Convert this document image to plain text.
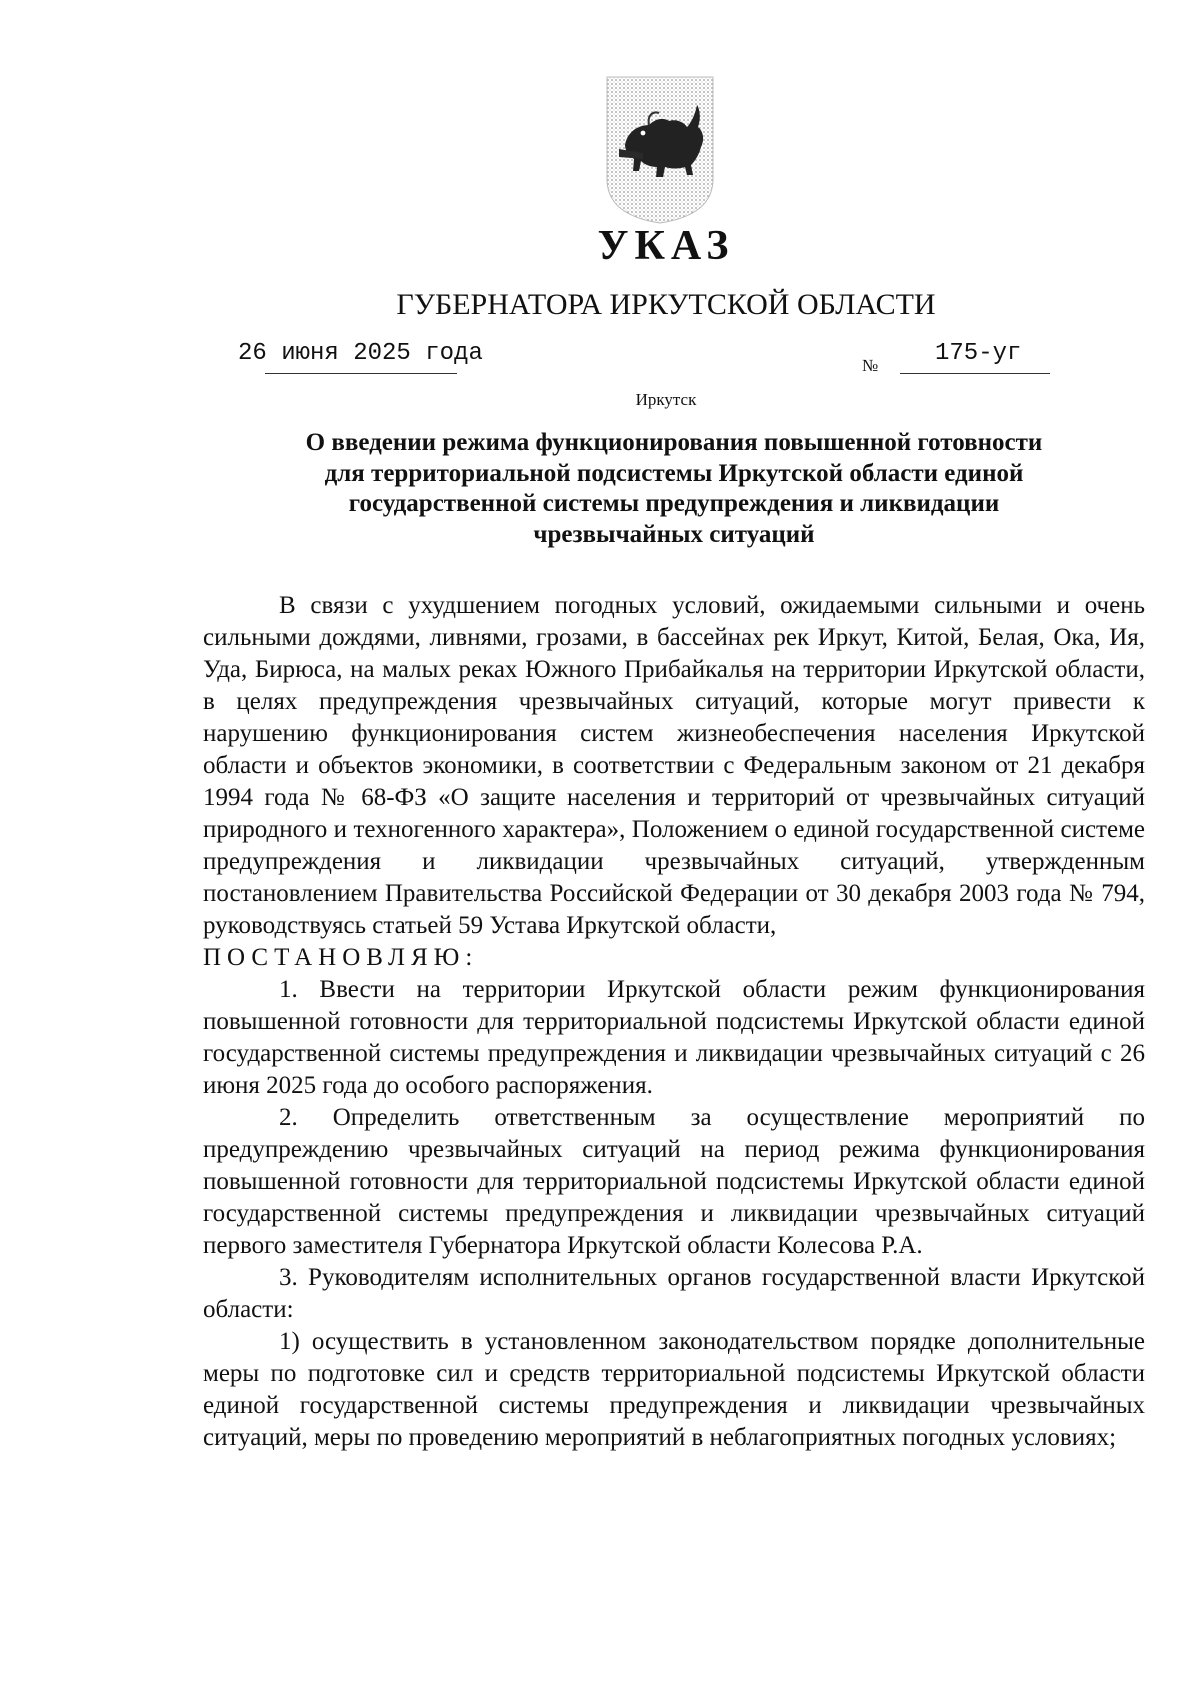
УКАЗ
ГУБЕРНАТОРА ИРКУТСКОЙ ОБЛАСТИ
26 июня 2025 года	№ 175-уг
Иркутск
О введении режима функционирования повышенной готовности
для территориальной подсистемы Иркутской области единой
государственной системы предупреждения и ликвидации
чрезвычайных ситуаций

В связи с ухудшением погодных условий, ожидаемыми сильными и очень сильными дождями, ливнями, грозами, в бассейнах рек Иркут, Китой, Белая, Ока, Ия, Уда, Бирюса, на малых реках Южного Прибайкалья на территории Иркутской области, в целях предупреждения чрезвычайных ситуаций, которые могут привести к нарушению функционирования систем жизнеобеспечения населения Иркутской области и объектов экономики, в соответствии с Федеральным законом от 21 декабря 1994 года № 68-ФЗ «О защите населения и территорий от чрезвычайных ситуаций природного и техногенного характера», Положением о единой государственной системе предупреждения и ликвидации чрезвычайных ситуаций, утвержденным постановлением Правительства Российской Федерации от 30 декабря 2003 года № 794, руководствуясь статьей 59 Устава Иркутской области,

ПОСТАНОВЛЯЮ:

1. Ввести на территории Иркутской области режим функционирования повышенной готовности для территориальной подсистемы Иркутской области единой государственной системы предупреждения и ликвидации чрезвычайных ситуаций с 26 июня 2025 года до особого распоряжения.

2. Определить ответственным за осуществление мероприятий по предупреждению чрезвычайных ситуаций на период режима функционирования повышенной готовности для территориальной подсистемы Иркутской области единой государственной системы предупреждения и ликвидации чрезвычайных ситуаций первого заместителя Губернатора Иркутской области Колесова Р.А.

3. Руководителям исполнительных органов государственной власти Иркутской области:

1) осуществить в установленном законодательством порядке дополнительные меры по подготовке сил и средств территориальной подсистемы Иркутской области единой государственной системы предупреждения и ликвидации чрезвычайных ситуаций, меры по проведению мероприятий в неблагоприятных погодных условиях;
